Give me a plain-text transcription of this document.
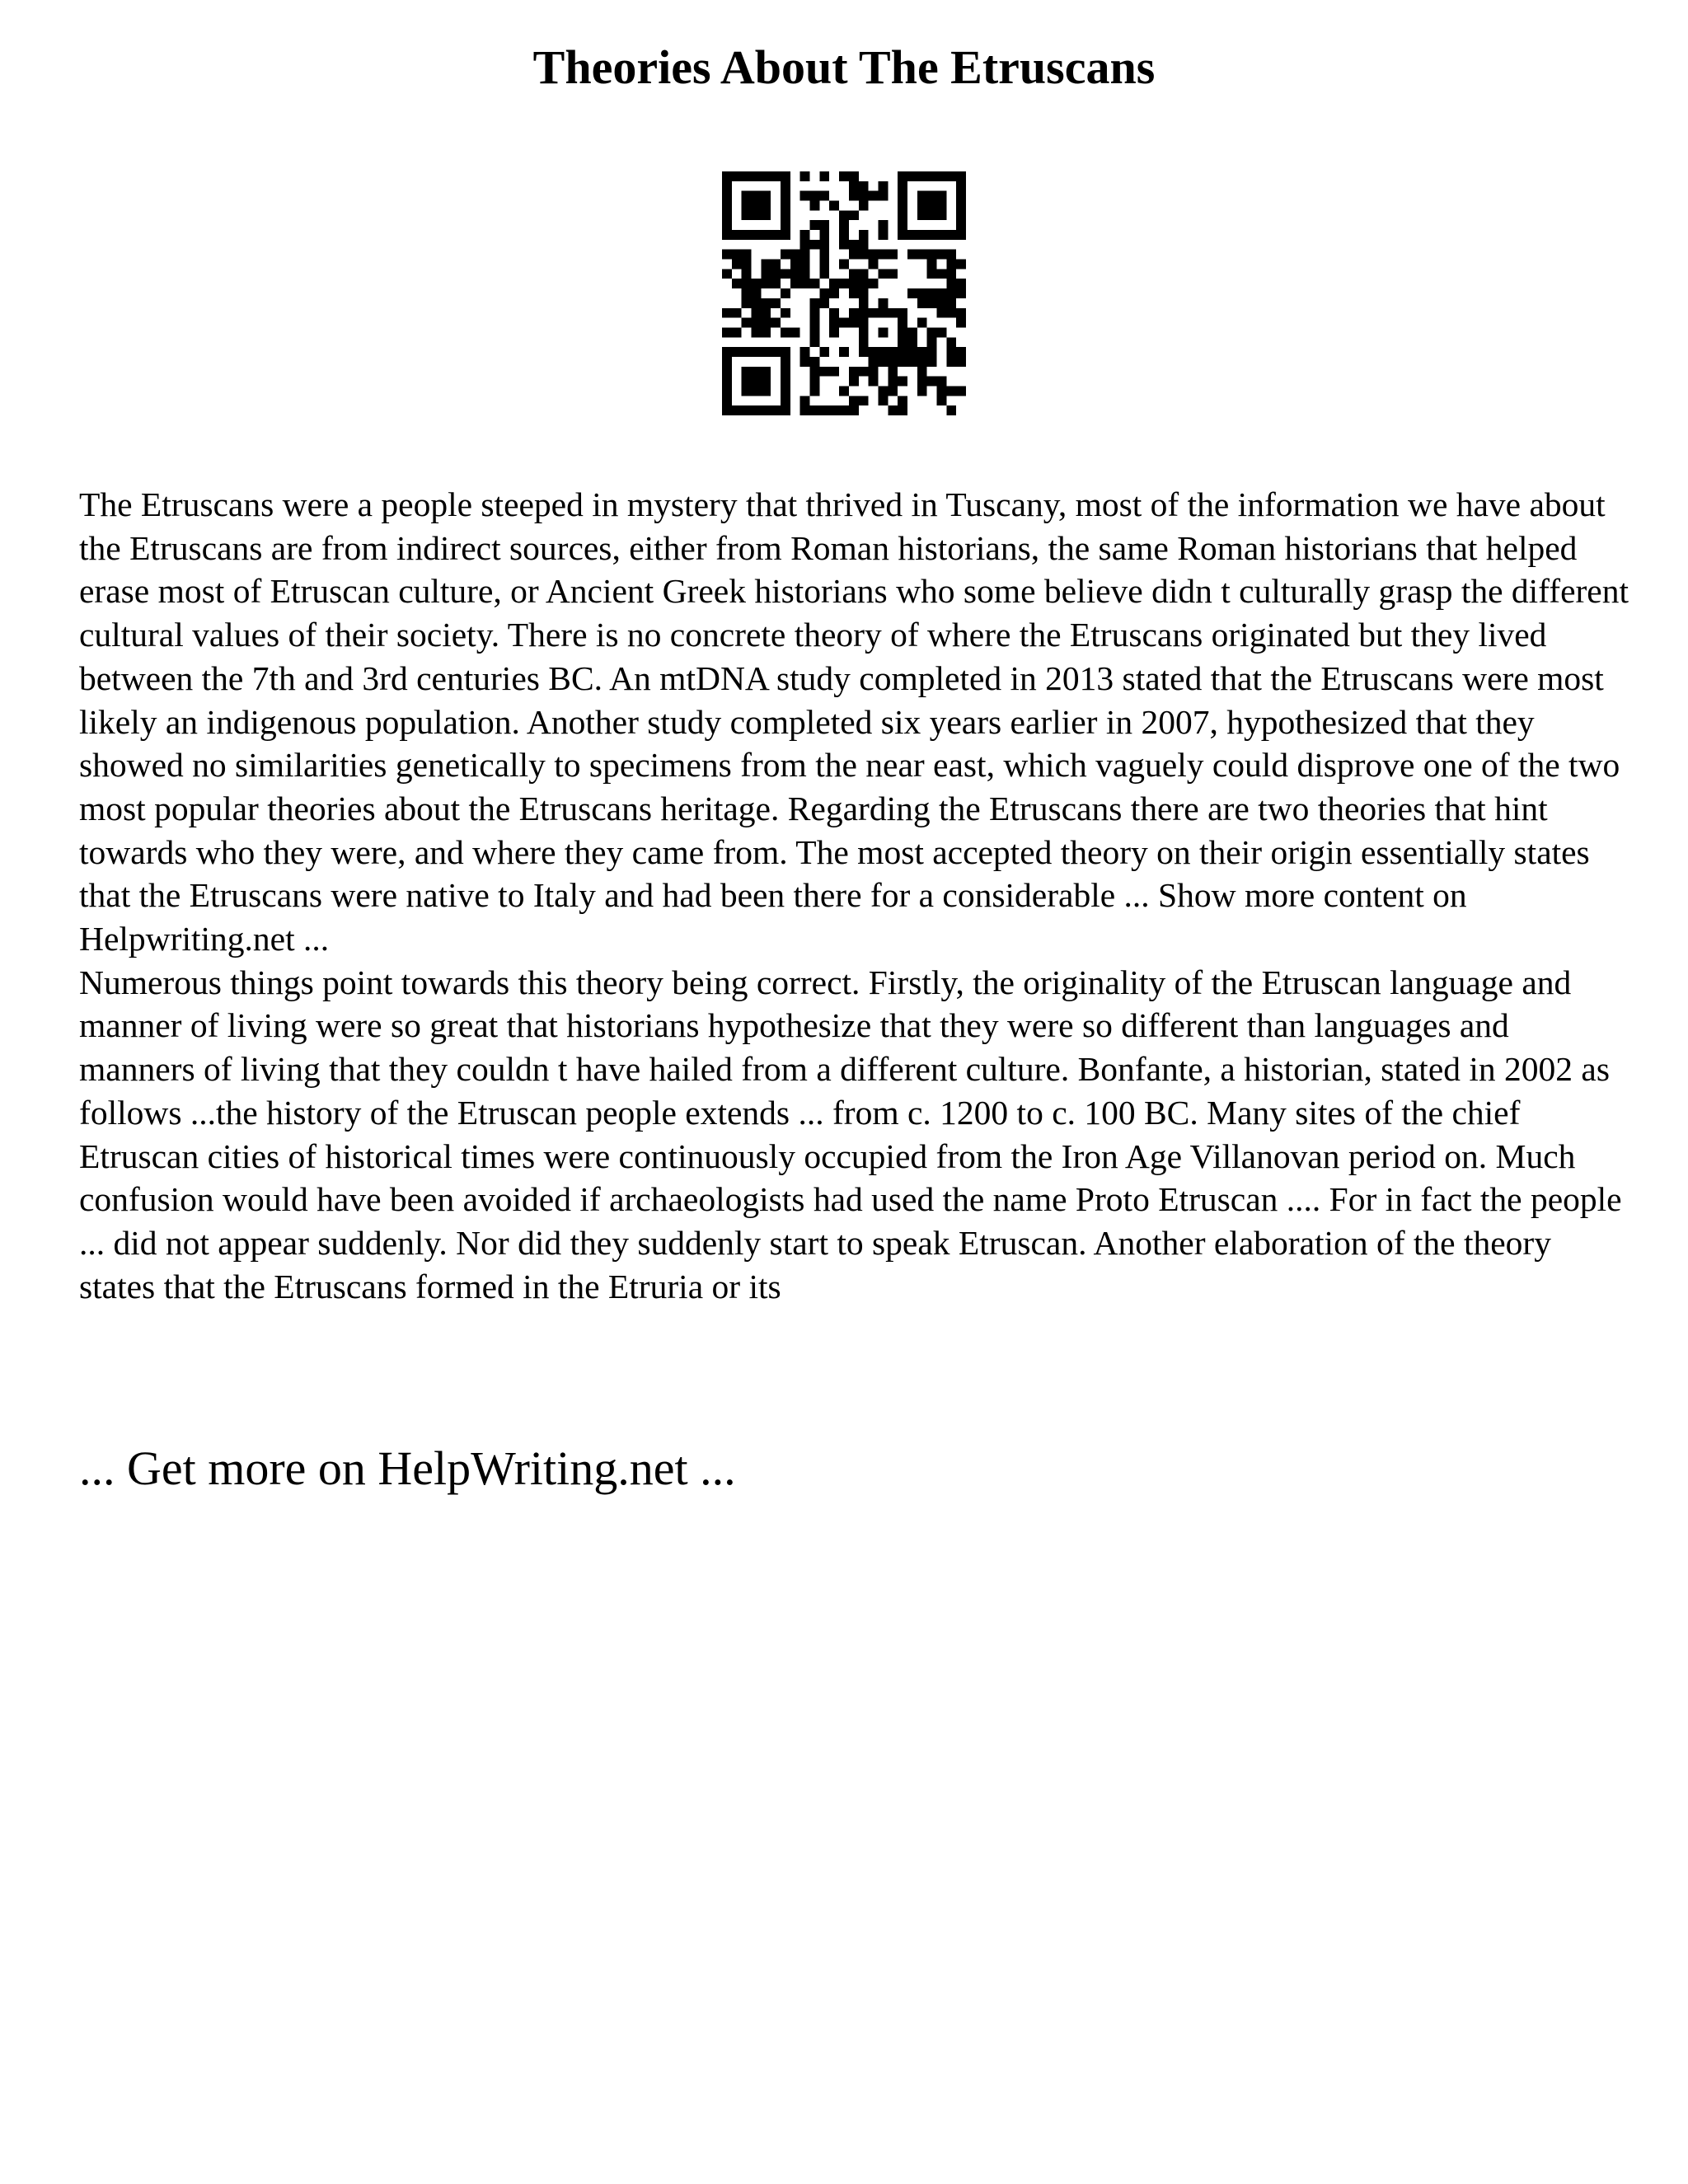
Theories About The Etruscans

The Etruscans were a people steeped in mystery that thrived in Tuscany, most of the information we have about the Etruscans are from indirect sources, either from Roman historians, the same Roman historians that helped erase most of Etruscan culture, or Ancient Greek historians who some believe didn t culturally grasp the different cultural values of their society. There is no concrete theory of where the Etruscans originated but they lived between the 7th and 3rd centuries BC. An mtDNA study completed in 2013 stated that the Etruscans were most likely an indigenous population. Another study completed six years earlier in 2007, hypothesized that they showed no similarities genetically to specimens from the near east, which vaguely could disprove one of the two most popular theories about the Etruscans heritage. Regarding the Etruscans there are two theories that hint towards who they were, and where they came from. The most accepted theory on their origin essentially states that the Etruscans were native to Italy and had been there for a considerable ... Show more content on Helpwriting.net ...

Numerous things point towards this theory being correct. Firstly, the originality of the Etruscan language and manner of living were so great that historians hypothesize that they were so different than languages and manners of living that they couldn t have hailed from a different culture. Bonfante, a historian, stated in 2002 as follows ...the history of the Etruscan people extends ... from c. 1200 to c. 100 BC. Many sites of the chief Etruscan cities of historical times were continuously occupied from the Iron Age Villanovan period on. Much confusion would have been avoided if archaeologists had used the name Proto Etruscan .... For in fact the people ... did not appear suddenly. Nor did they suddenly start to speak Etruscan. Another elaboration of the theory states that the Etruscans formed in the Etruria or its

... Get more on HelpWriting.net ...
